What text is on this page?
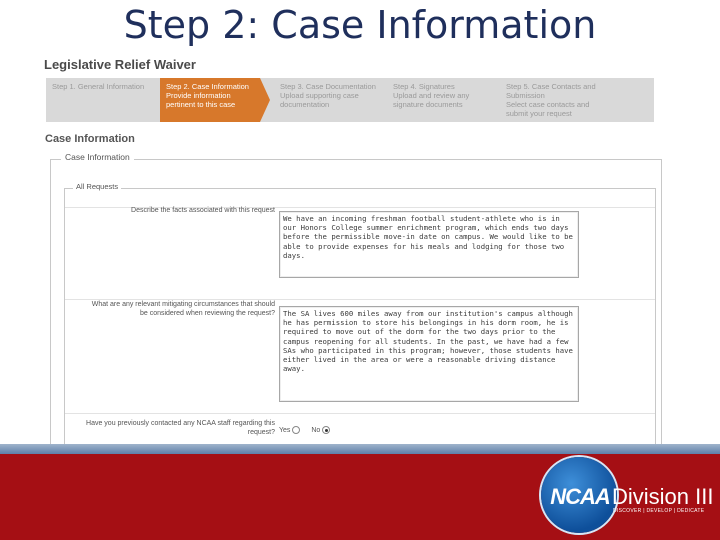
Step 2: Case Information
Legislative Relief Waiver
Step 1. General Information	Step 2. Case Information
Provide information pertinent to this case
Step 3. Case Documentation
Upload supporting case documentation
Step 4. Signatures
Upload and review any signature documents
Step 5. Case Contacts and Submission
Select case contacts and submit your request
Case Information
Case Information
All Requests
Describe the facts associated with this request
We have an incoming freshman football student-athlete who is in our Honors College summer enrichment program, which ends two days before the permissible move-in date on campus. We would like to be able to provide expenses for his meals and lodging for those two days.
What are any relevant mitigating circumstances that should be considered when reviewing the request?	The SA lives 600 miles away from our institution's campus although he has permission to store his belongings in his dorm room, he is required to move out of the dorm for the two days prior to the campus reopening for all students. In the past, we have had a few SAs who participated in this program; however, those students have either lived in the area or were a reasonable driving distance away.
Have you previously contacted any NCAA staff regarding this request? Yes	No
NCAA Division III
DISCOVER | DEVELOP | DEDICATE
